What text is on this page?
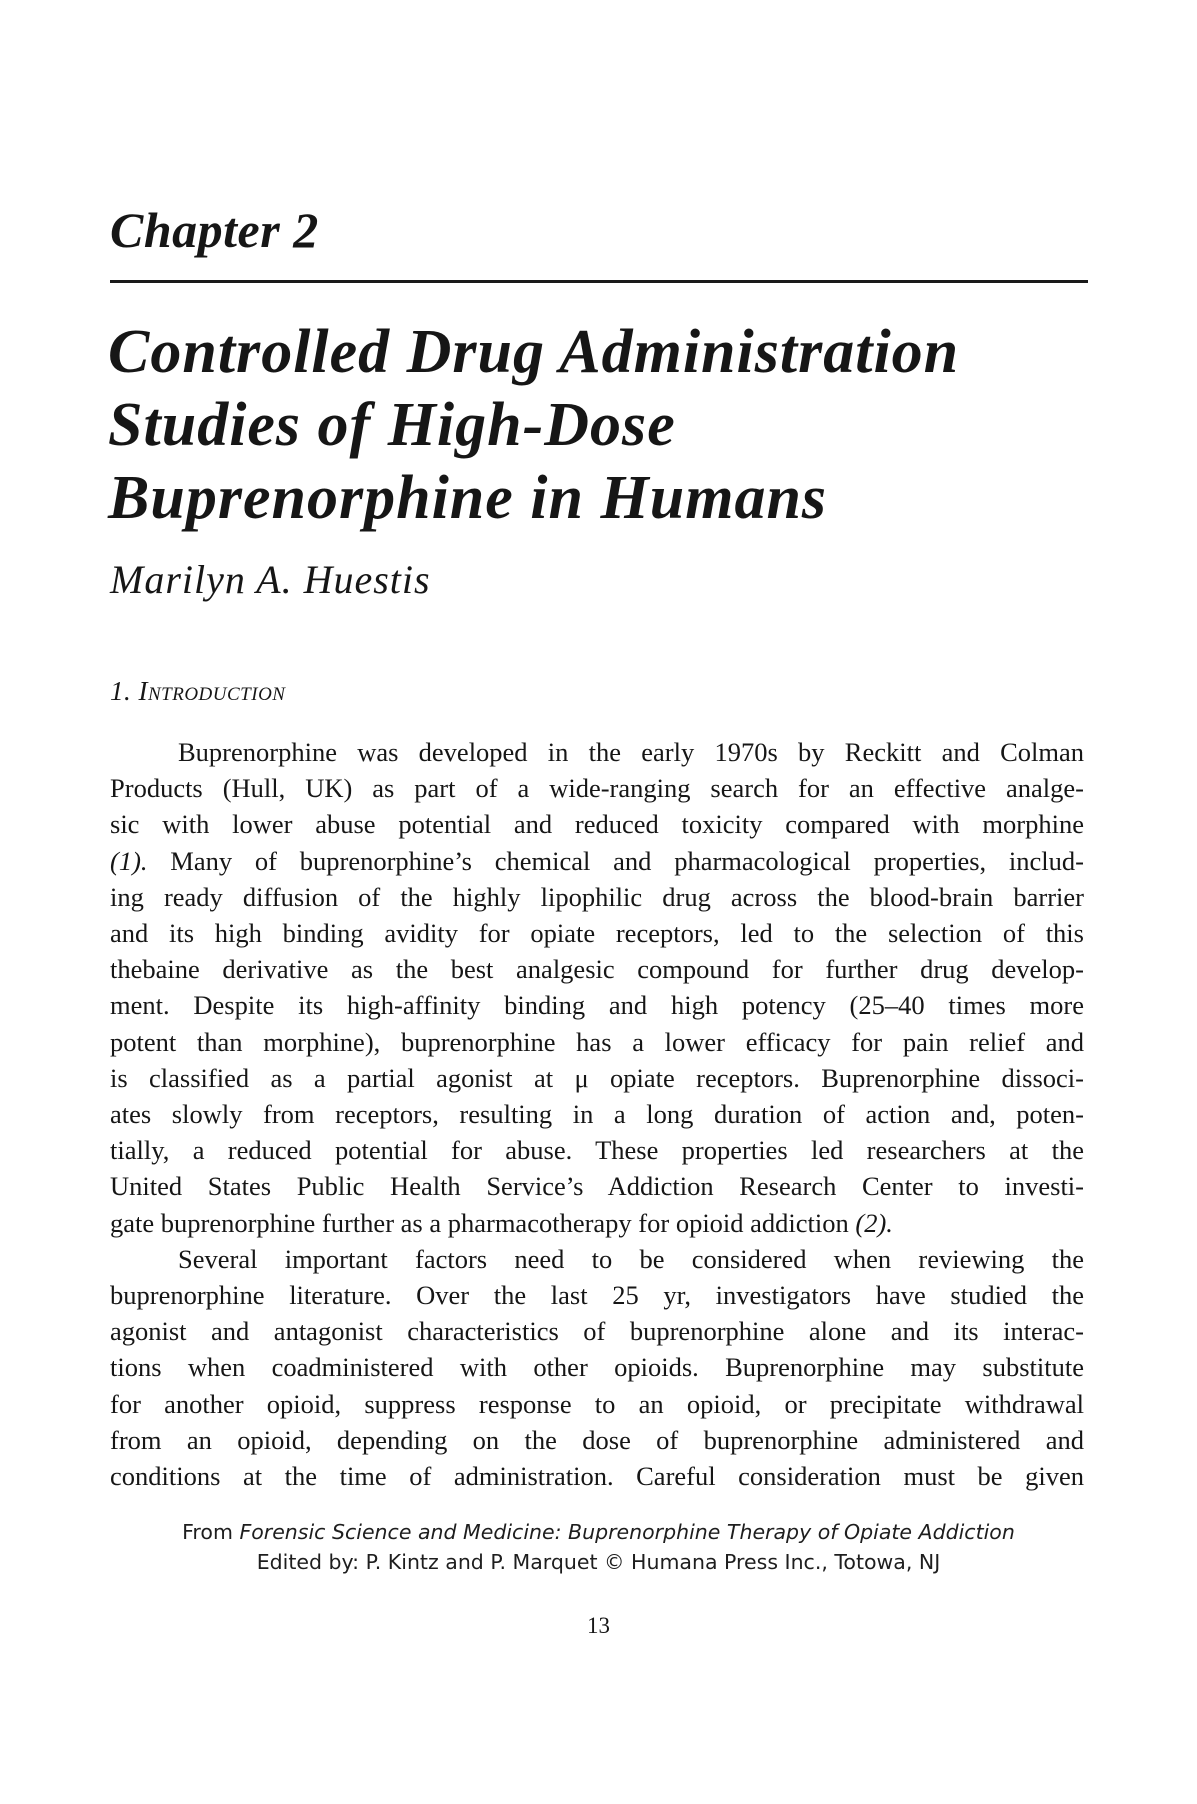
Chapter 2
Controlled Drug Administration
Studies of High-Dose
Buprenorphine in Humans
Marilyn A. Huestis
1. Introduction
Buprenorphine was developed in the early 1970s by Reckitt and Colman
Products (Hull, UK) as part of a wide-ranging search for an effective analge-
sic with lower abuse potential and reduced toxicity compared with morphine
(1). Many of buprenorphine’s chemical and pharmacological properties, includ-
ing ready diffusion of the highly lipophilic drug across the blood-brain barrier
and its high binding avidity for opiate receptors, led to the selection of this
thebaine derivative as the best analgesic compound for further drug develop-
ment. Despite its high-affinity binding and high potency (25–40 times more
potent than morphine), buprenorphine has a lower efficacy for pain relief and
is classified as a partial agonist at μ opiate receptors. Buprenorphine dissoci-
ates slowly from receptors, resulting in a long duration of action and, poten-
tially, a reduced potential for abuse. These properties led researchers at the
United States Public Health Service’s Addiction Research Center to investi-
gate buprenorphine further as a pharmacotherapy for opioid addiction (2).
Several important factors need to be considered when reviewing the
buprenorphine literature. Over the last 25 yr, investigators have studied the
agonist and antagonist characteristics of buprenorphine alone and its interac-
tions when coadministered with other opioids. Buprenorphine may substitute
for another opioid, suppress response to an opioid, or precipitate withdrawal
from an opioid, depending on the dose of buprenorphine administered and
conditions at the time of administration. Careful consideration must be given
From Forensic Science and Medicine: Buprenorphine Therapy of Opiate Addiction
Edited by: P. Kintz and P. Marquet © Humana Press Inc., Totowa, NJ
13
